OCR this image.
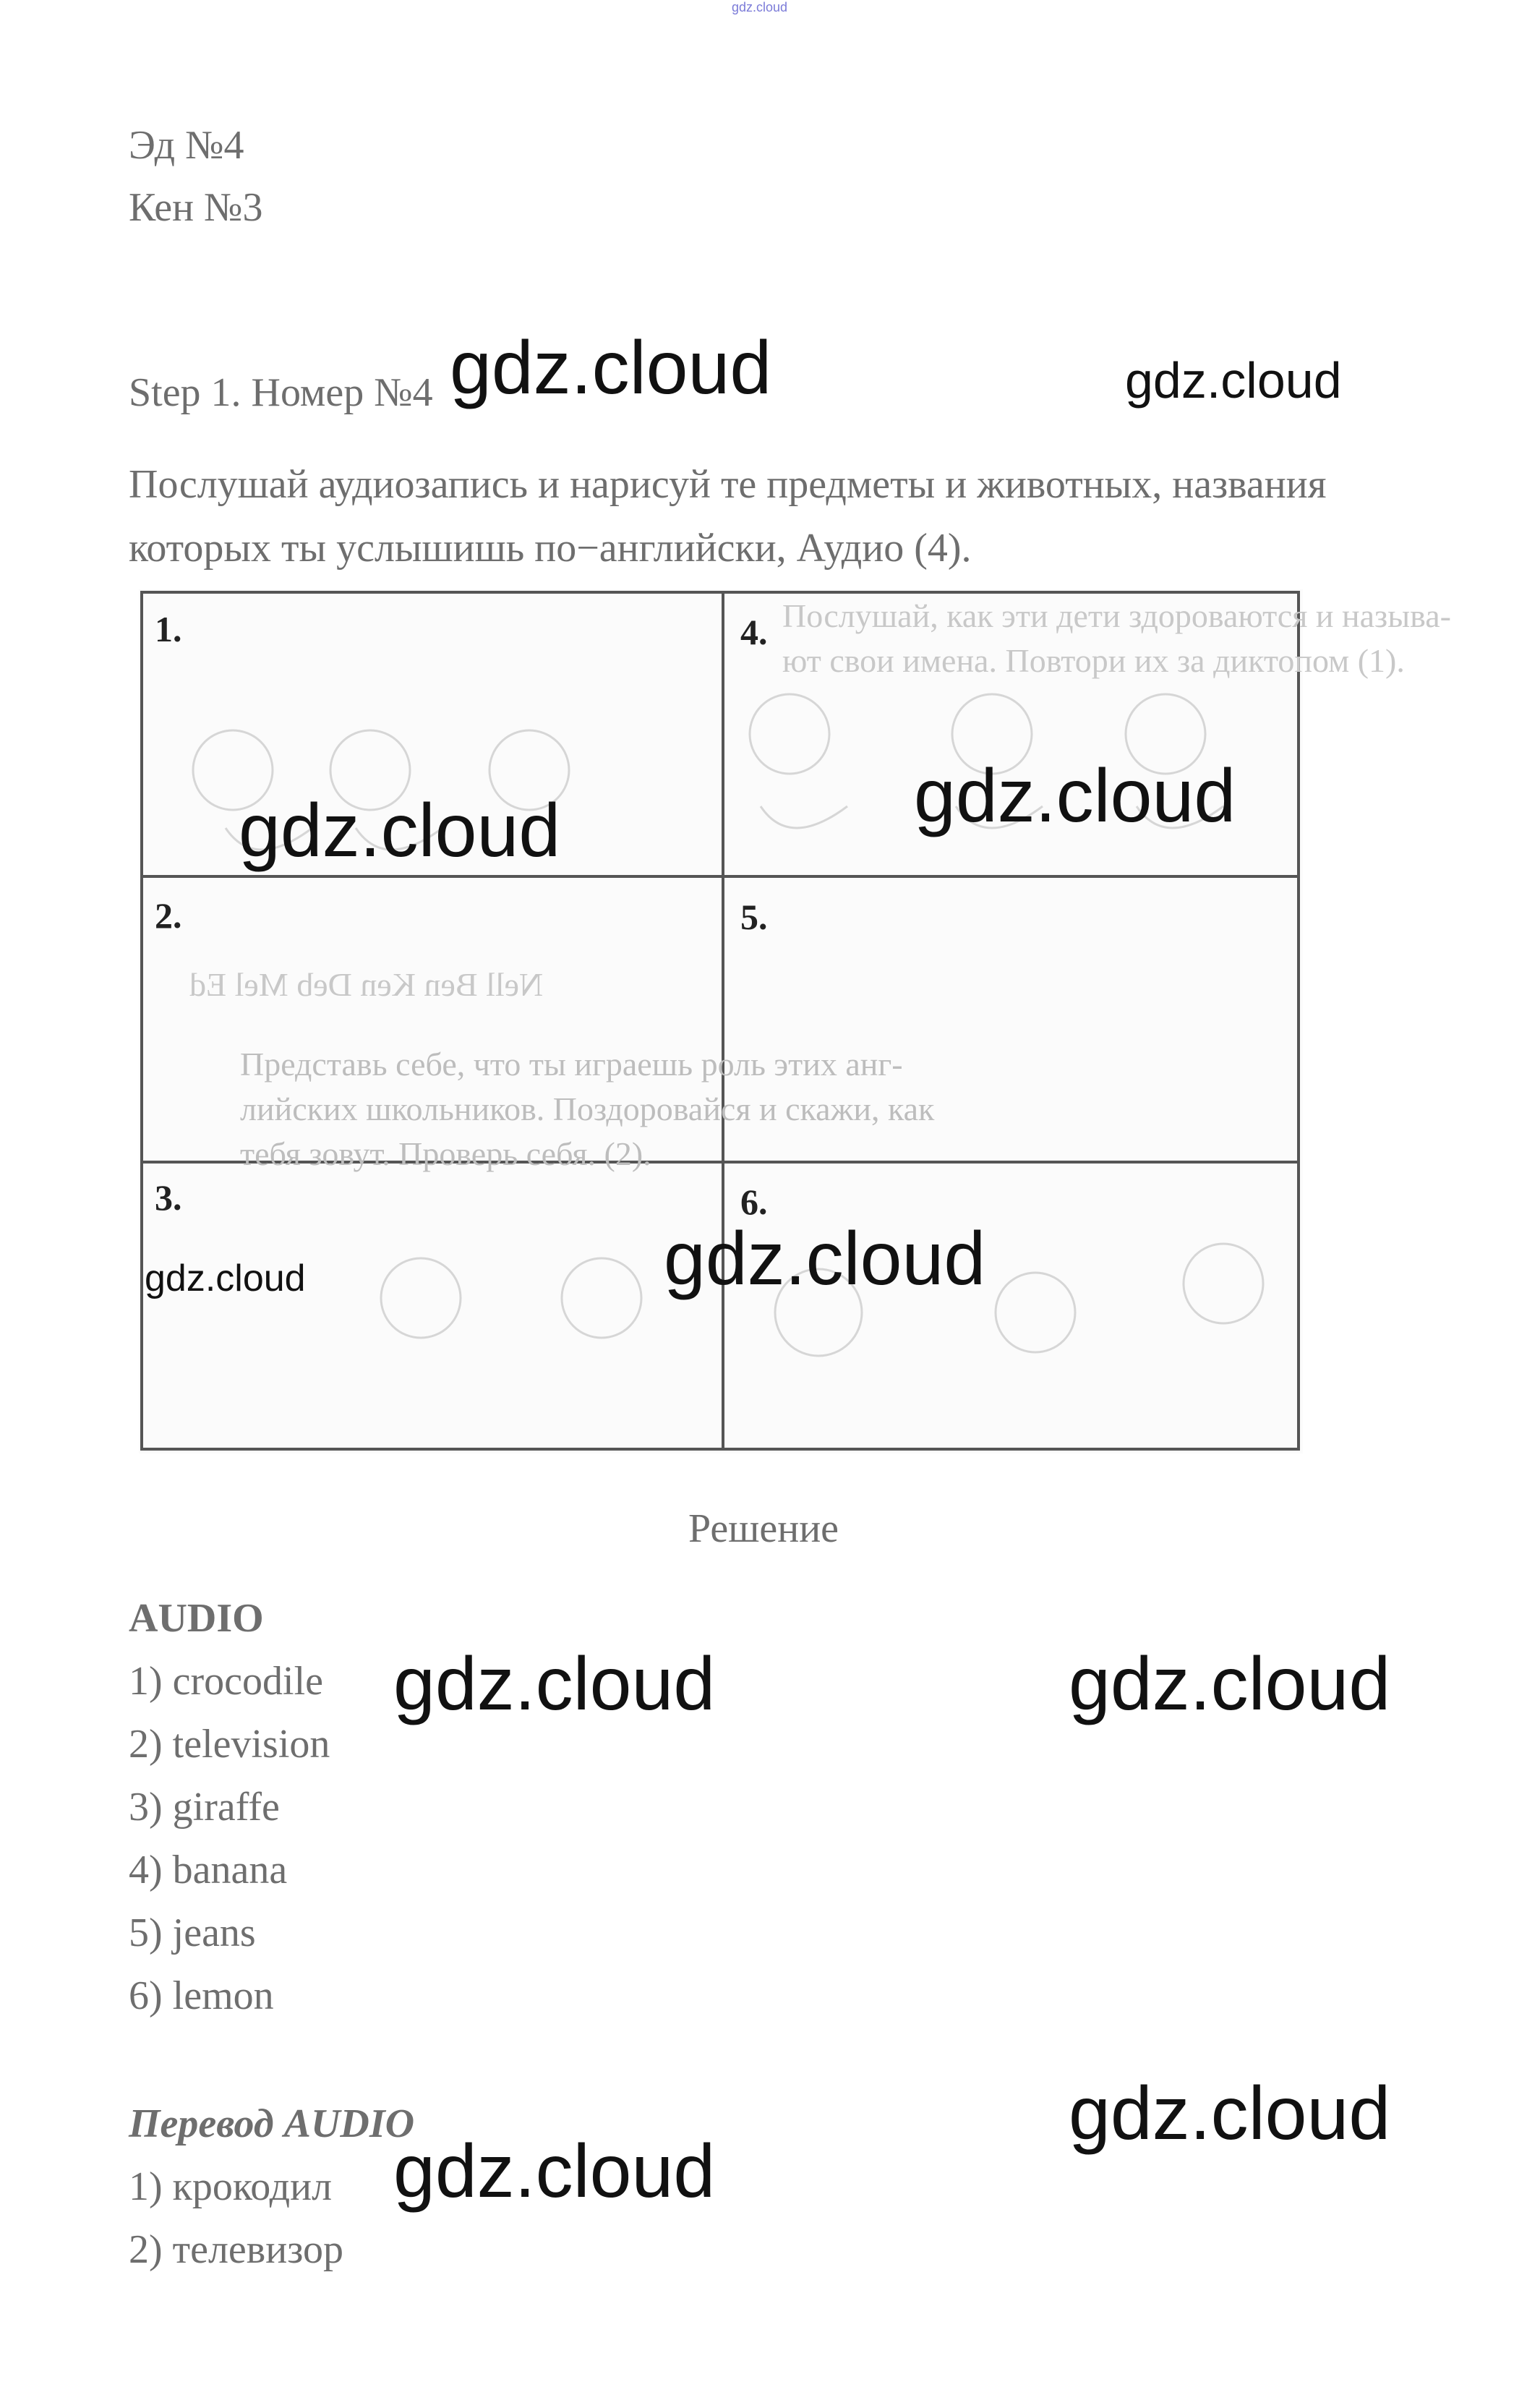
gdz.cloud
Эд №4
Кен №3
Step 1. Номер №4
Послушай аудиозапись и нарисуй те предметы и животных, названия которых ты услышишь по−английски, Аудио (4).
1.
2.
3.
4.
5.
6.
Послушай, как эти дети здороваются и называ-
ют свои имена. Повтори их за диктопом (1).
Nell Ben Ken Deb Mel Ed
Представь себе, что ты играешь роль этих анг-
лийских школьников. Поздоровайся и скажи, как
тебя зовут. Проверь себя. (2).
Решение
AUDIO
1) crocodile
2) television
3) giraffe
4) banana
5) jeans
6) lemon
Перевод AUDIO
1) крокодил
2) телевизор
gdz.cloud	gdz.cloud
gdz.cloud
gdz.cloud
gdz.cloud	gdz.cloud
gdz.cloud	gdz.cloud
gdz.cloud
gdz.cloud
